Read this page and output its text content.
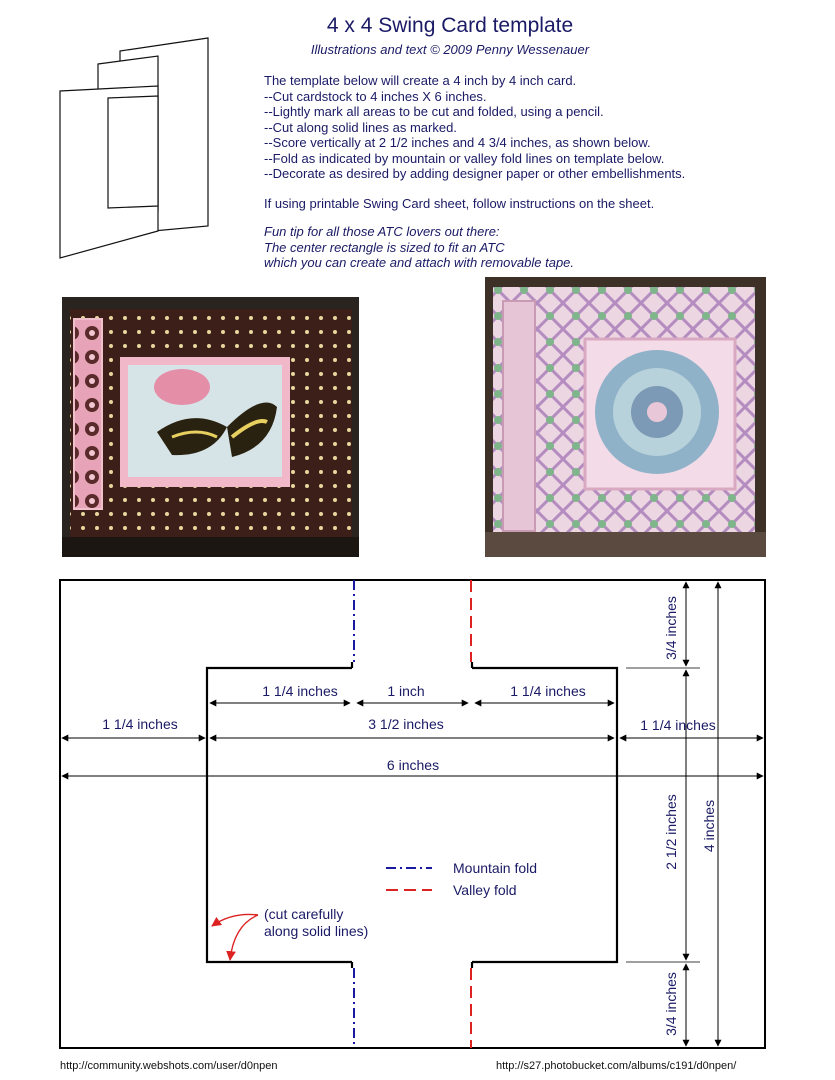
4 x 4 Swing Card template
Illustrations and text © 2009 Penny Wessenauer
The template below will create a 4 inch by 4 inch card.
--Cut cardstock to 4 inches X 6 inches.
--Lightly mark all areas to be cut and folded, using a pencil.
--Cut along solid lines as marked.
--Score vertically at 2 1/2 inches and 4 3/4 inches, as shown below.
--Fold as indicated by mountain or valley fold lines on template below.
--Decorate as desired by adding designer paper or other embellishments.
If using printable Swing Card sheet, follow instructions on the sheet.
Fun tip for all those ATC lovers out there:
The center rectangle is sized to fit an ATC
which you can create and attach with removable tape.
1 1/4 inches	1 inch	1 1/4 inches
1 1/4 inches	3 1/2 inches	1 1/4 inches
6 inches
3/4 inches
2 1/2 inches
3/4 inches
4 inches
Mountain fold
Valley fold
(cut carefully
along solid lines)
http://community.webshots.com/user/d0npen	http://s27.photobucket.com/albums/c191/d0npen/
